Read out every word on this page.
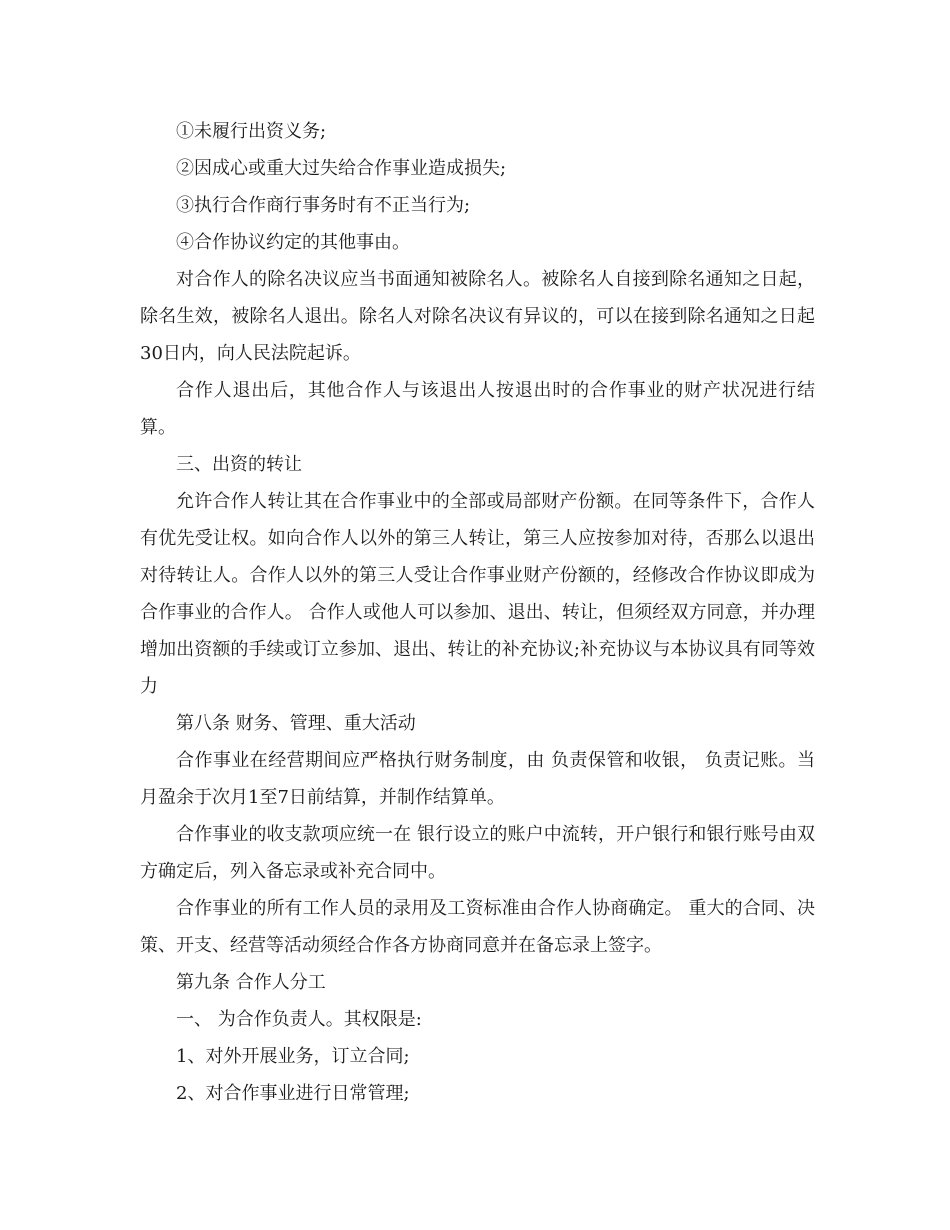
①未履行出资义务;

②因成心或重大过失给合作事业造成损失;

③执行合作商行事务时有不正当行为;

④合作协议约定的其他事由。

对合作人的除名决议应当书面通知被除名人。被除名人自接到除名通知之日起，除名生效，被除名人退出。除名人对除名决议有异议的，可以在接到除名通知之日起30日内，向人民法院起诉。

合作人退出后，其他合作人与该退出人按退出时的合作事业的财产状况进行结算。

三、出资的转让

允许合作人转让其在合作事业中的全部或局部财产份额。在同等条件下，合作人有优先受让权。如向合作人以外的第三人转让，第三人应按参加对待，否那么以退出对待转让人。合作人以外的第三人受让合作事业财产份额的，经修改合作协议即成为合作事业的合作人。 合作人或他人可以参加、退出、转让，但须经双方同意，并办理增加出资额的手续或订立参加、退出、转让的补充协议;补充协议与本协议具有同等效力

第八条 财务、管理、重大活动

合作事业在经营期间应严格执行财务制度，由 负责保管和收银， 负责记账。当月盈余于次月1至7日前结算，并制作结算单。

合作事业的收支款项应统一在 银行设立的账户中流转，开户银行和银行账号由双方确定后，列入备忘录或补充合同中。

合作事业的所有工作人员的录用及工资标准由合作人协商确定。 重大的合同、决策、开支、经营等活动须经合作各方协商同意并在备忘录上签字。

第九条 合作人分工

一、 为合作负责人。其权限是:

1、对外开展业务，订立合同;

2、对合作事业进行日常管理;
